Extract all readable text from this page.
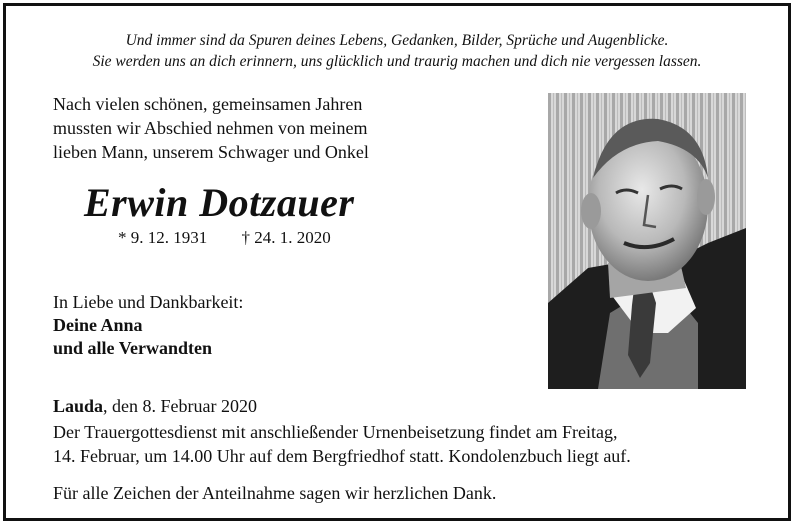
Und immer sind da Spuren deines Lebens, Gedanken, Bilder, Sprüche und Augenblicke.
Sie werden uns an dich erinnern, uns glücklich und traurig machen und dich nie vergessen lassen.
Nach vielen schönen, gemeinsamen Jahren
mussten wir Abschied nehmen von meinem
lieben Mann, unserem Schwager und Onkel
Erwin Dotzauer
* 9. 12. 1931 † 24. 1. 2020
In Liebe und Dankbarkeit:
Deine Anna
und alle Verwandten
Lauda, den 8. Februar 2020
Der Trauergottesdienst mit anschließender Urnenbeisetzung findet am Freitag,
14. Februar, um 14.00 Uhr auf dem Bergfriedhof statt. Kondolenzbuch liegt auf.
Für alle Zeichen der Anteilnahme sagen wir herzlichen Dank.
